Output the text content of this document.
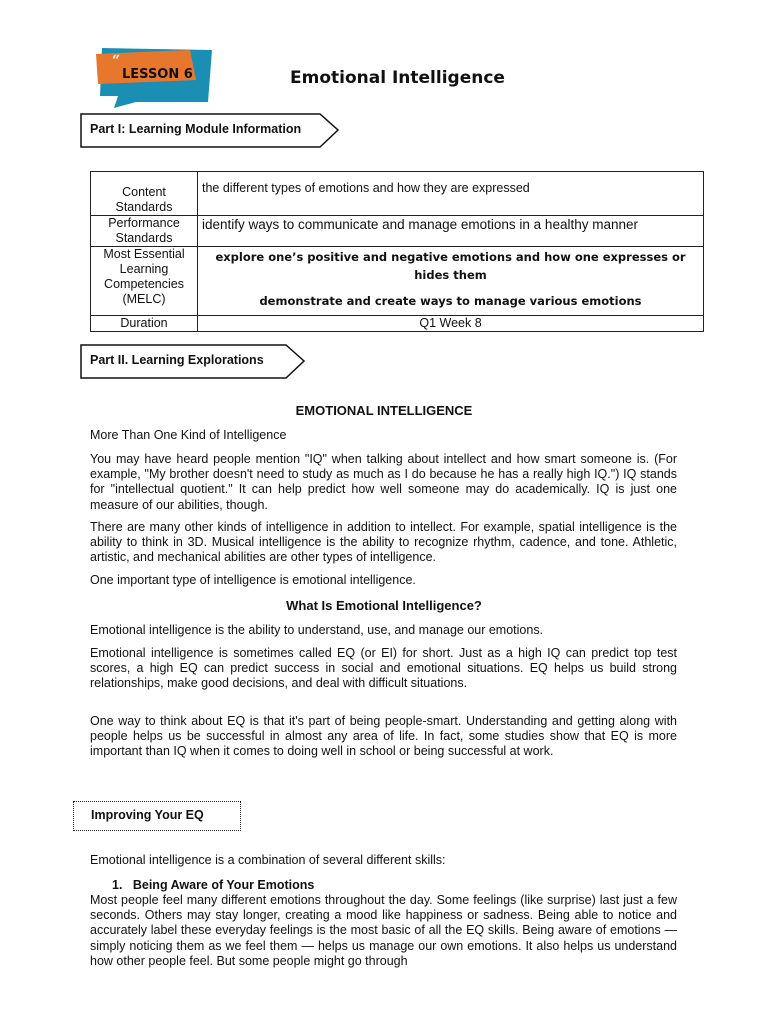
“
LESSON 6	Emotional Intelligence
Part I: Learning Module Information
Content Standards	the different types of emotions and how they are expressed
Performance Standards	identify ways to communicate and manage emotions in a healthy manner
Most Essential Learning Competencies (MELC)	explore one’s positive and negative emotions and how one expresses or hides them
demonstrate and create ways to manage various emotions

Duration	Q1 Week 8
Part II. Learning Explorations
EMOTIONAL INTELLIGENCE
More Than One Kind of Intelligence
You may have heard people mention "IQ" when talking about intellect and how smart someone is. (For example, "My brother doesn't need to study as much as I do because he has a really high IQ.") IQ stands for "intellectual quotient." It can help predict how well someone may do academically. IQ is just one measure of our abilities, though.
There are many other kinds of intelligence in addition to intellect. For example, spatial intelligence is the ability to think in 3D. Musical intelligence is the ability to recognize rhythm, cadence, and tone. Athletic, artistic, and mechanical abilities are other types of intelligence.
One important type of intelligence is emotional intelligence.
What Is Emotional Intelligence?
Emotional intelligence is the ability to understand, use, and manage our emotions.
Emotional intelligence is sometimes called EQ (or EI) for short. Just as a high IQ can predict top test scores, a high EQ can predict success in social and emotional situations. EQ helps us build strong relationships, make good decisions, and deal with difficult situations.
One way to think about EQ is that it's part of being people-smart. Understanding and getting along with people helps us be successful in almost any area of life. In fact, some studies show that EQ is more important than IQ when it comes to doing well in school or being successful at work.
Improving Your EQ
Emotional intelligence is a combination of several different skills:
1. Being Aware of Your Emotions
Most people feel many different emotions throughout the day. Some feelings (like surprise) last just a few seconds. Others may stay longer, creating a mood like happiness or sadness. Being able to notice and accurately label these everyday feelings is the most basic of all the EQ skills. Being aware of emotions — simply noticing them as we feel them — helps us manage our own emotions. It also helps us understand how other people feel. But some people might go through
